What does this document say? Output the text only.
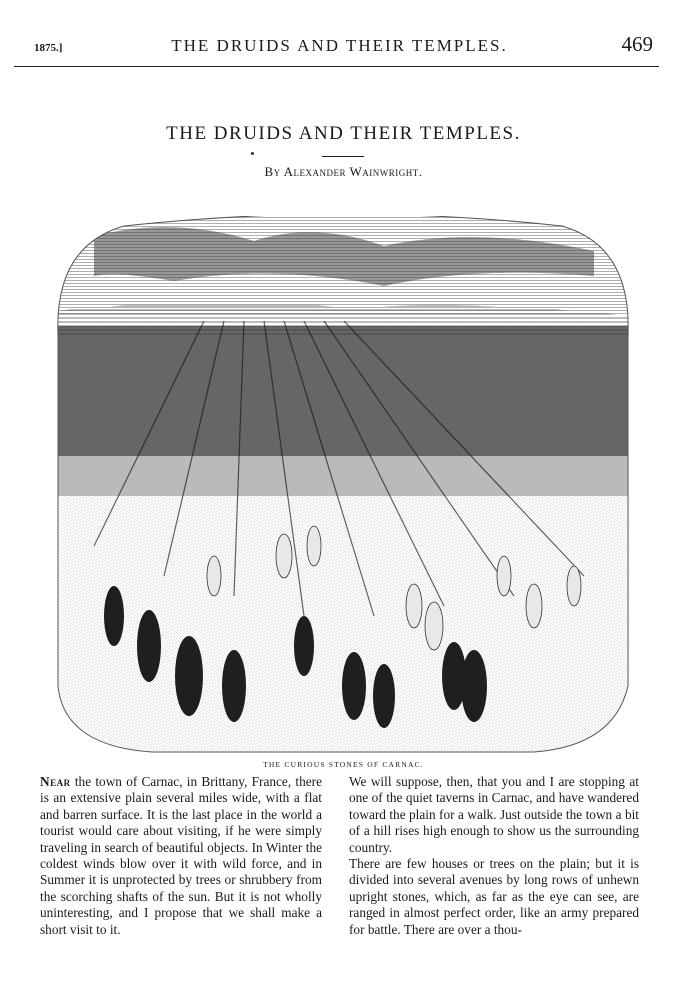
1875.]	THE DRUIDS AND THEIR TEMPLES.	469
THE DRUIDS AND THEIR TEMPLES.
By Alexander Wainwright.
THE CURIOUS STONES OF CARNAC.

Near the town of Carnac, in Brittany, France, there is an extensive plain several miles wide, with a flat and barren surface. It is the last place in the world a tourist would care about visiting, if he were simply traveling in search of beautiful objects. In Winter the coldest winds blow over it with wild force, and in Summer it is unprotected by trees or shrubbery from the scorching shafts of the sun. But it is not wholly uninteresting, and I propose that we shall make a short visit to it.

We will suppose, then, that you and I are stopping at one of the quiet taverns in Carnac, and have wandered toward the plain for a walk. Just outside the town a bit of a hill rises high enough to show us the surrounding country.

There are few houses or trees on the plain; but it is divided into several avenues by long rows of unhewn upright stones, which, as far as the eye can see, are ranged in almost perfect order, like an army prepared for battle. There are over a thou-
